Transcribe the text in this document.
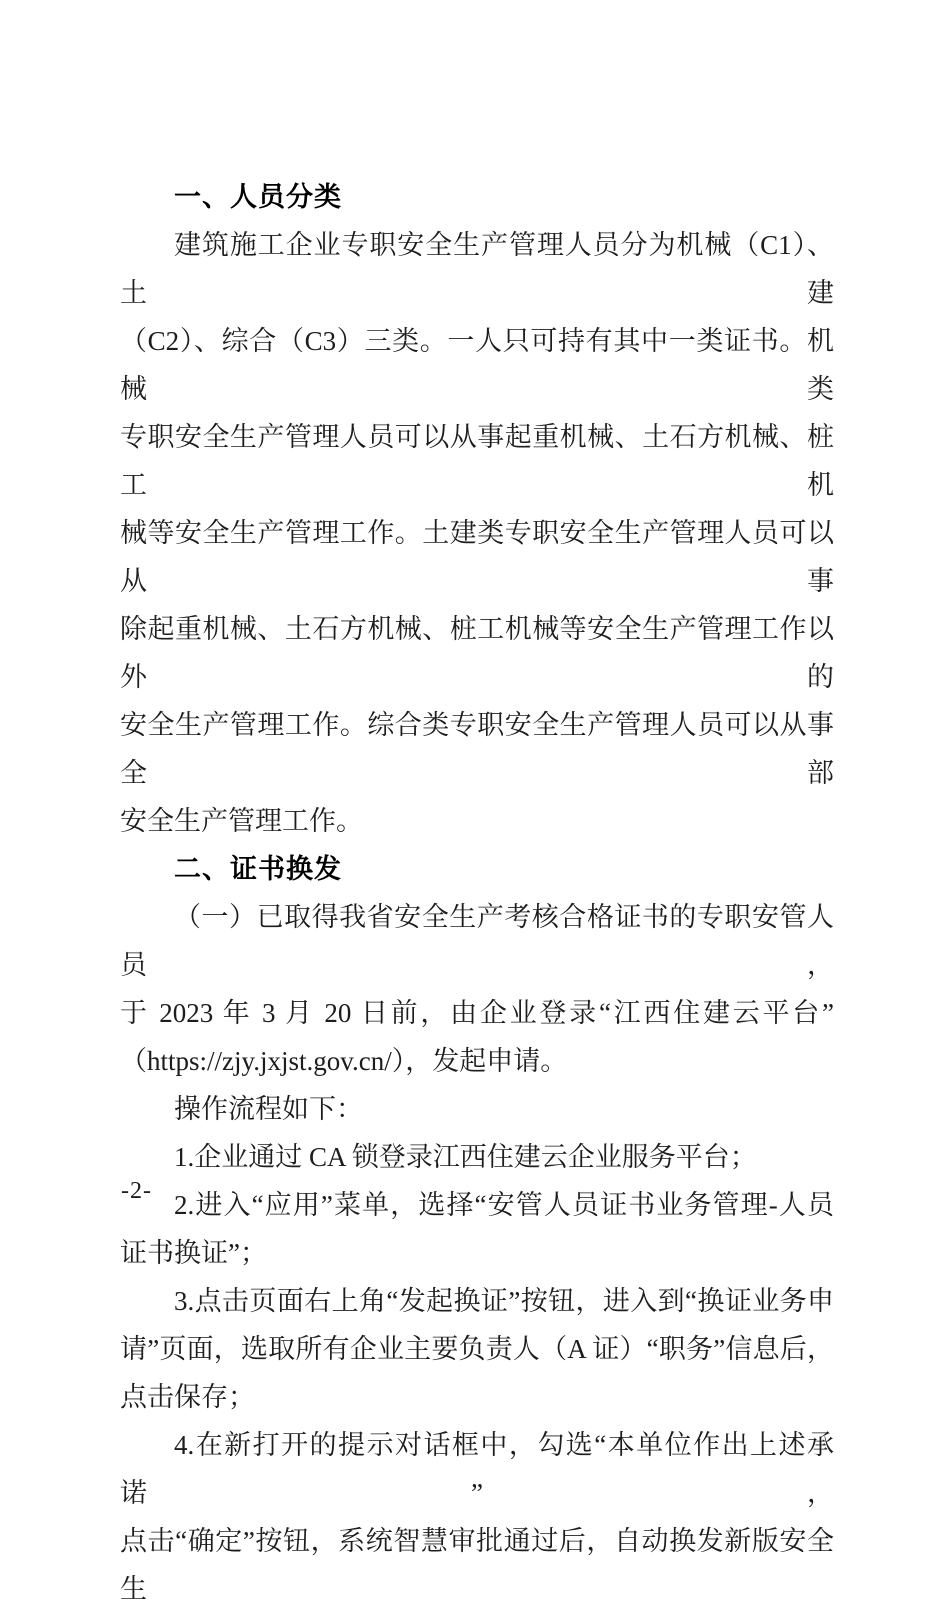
一、人员分类
建筑施工企业专职安全生产管理人员分为机械（C1）、土建
（C2）、综合（C3）三类。一人只可持有其中一类证书。机械类
专职安全生产管理人员可以从事起重机械、土石方机械、桩工机
械等安全生产管理工作。土建类专职安全生产管理人员可以从事
除起重机械、土石方机械、桩工机械等安全生产管理工作以外的
安全生产管理工作。综合类专职安全生产管理人员可以从事全部
安全生产管理工作。
二、证书换发
（一）已取得我省安全生产考核合格证书的专职安管人员，
于 2023 年 3 月 20 日前，由企业登录“江西住建云平台”
（https://zjy.jxjst.gov.cn/），发起申请。
操作流程如下：
1.企业通过 CA 锁登录江西住建云企业服务平台；
2.进入“应用”菜单，选择“安管人员证书业务管理-人员
证书换证”；
3.点击页面右上角“发起换证”按钮，进入到“换证业务申
请”页面，选取所有企业主要负责人（A 证）“职务”信息后，
点击保存；
4.在新打开的提示对话框中，勾选“本单位作出上述承诺”，
点击“确定”按钮，系统智慧审批通过后，自动换发新版安全生
-2-
